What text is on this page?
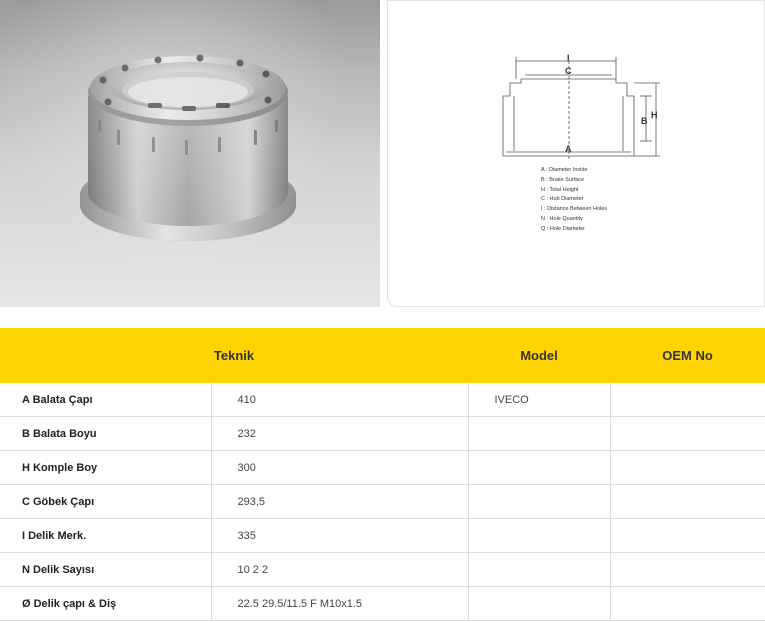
I
C
B
H
A
A : Diameter Inside
B : Brake Surface
H : Total Height
C : Hub Diameter
I : Distance Between Holes
N : Hole Quantity
Q : Hole Diameter
Teknik		Model	OEM No
A Balata Çapı	410	IVECO	
B Balata Boyu	232		
H Komple Boy	300		
C Göbek Çapı	293,5		
I Delik Merk.	335		
N Delik Sayısı	10 2 2		
Ø Delik çapı & Diş	22.5 29.5/11.5 F M10x1.5		
